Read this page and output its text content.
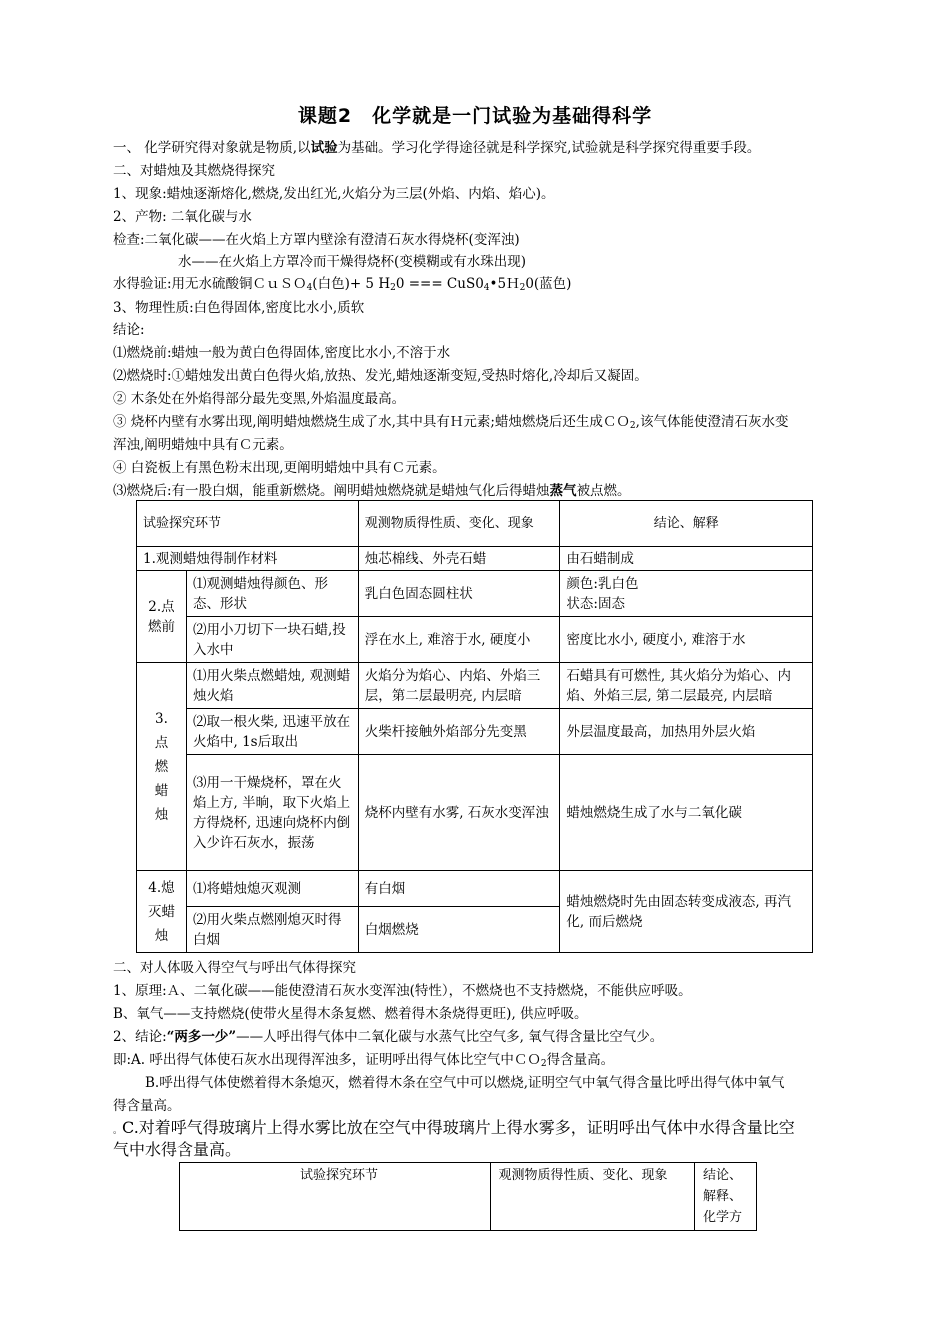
课题2　化学就是一门试验为基础得科学
一、 化学研究得对象就是物质,以试验为基础。学习化学得途径就是科学探究,试验就是科学探究得重要手段。
二、对蜡烛及其燃烧得探究
1、现象:蜡烛逐渐熔化,燃烧,发出红光,火焰分为三层(外焰、内焰、焰心)。
2、产物: 二氧化碳与水
检查:二氧化碳——在火焰上方罩内壁涂有澄清石灰水得烧杯(变浑浊)
水——在火焰上方罩冷而干燥得烧杯(变模糊或有水珠出现)
水得验证:用无水硫酸铜ＣｕＳＯ$_4$(白色)+ 5 $H_20$ === $CuS0_4•5H_20$(蓝色)
3、物理性质:白色得固体,密度比水小,质软
结论:
⑴燃烧前:蜡烛一般为黄白色得固体,密度比水小,不溶于水
⑵燃烧时:①蜡烛发出黄白色得火焰,放热、发光,蜡烛逐渐变短,受热时熔化,冷却后又凝固。
② 木条处在外焰得部分最先变黑,外焰温度最高。
③ 烧杯内壁有水雾出现,阐明蜡烛燃烧生成了水,其中具有Ｈ元素;蜡烛燃烧后还生成ＣＯ$_2$,该气体能使澄清石灰水变
浑浊,阐明蜡烛中具有Ｃ元素。
④ 白瓷板上有黑色粉末出现,更阐明蜡烛中具有Ｃ元素。
⑶燃烧后:有一股白烟，能重新燃烧。阐明蜡烛燃烧就是蜡烛气化后得蜡烛蒸气被点燃。
试验探究环节		观测物质得性质、变化、现象	结论、解释
1.观测蜡烛得制作材料		烛芯棉线、外壳石蜡	由石蜡制成
2.点燃前	⑴观测蜡烛得颜色、形态、形状	乳白色固态圆柱状	颜色:乳白色
状态:固态

	⑵用小刀切下一块石蜡,投入水中	浮在水上, 难溶于水, 硬度小	密度比水小, 硬度小, 难溶于水

3.点燃蜡烛	⑴用火柴点燃蜡烛, 观测蜡烛火焰	火焰分为焰心、内焰、外焰三层，第二层最明亮, 内层暗	石蜡具有可燃性, 其火焰分为焰心、内焰、外焰三层, 第二层最亮, 内层暗
	⑵取一根火柴, 迅速平放在火焰中, 1s后取出	火柴杆接触外焰部分先变黑	外层温度最高，加热用外层火焰
	⑶用一干燥烧杯，罩在火焰上方, 半晌，取下火焰上方得烧杯, 迅速向烧杯内倒入少许石灰水，振荡	烧杯内壁有水雾, 石灰水变浑浊	蜡烛燃烧生成了水与二氧化碳

4.熄灭蜡烛	⑴将蜡烛熄灭观测	有白烟	蜡烛燃烧时先由固态转变成液态, 再汽化, 而后燃烧
	⑵用火柴点燃刚熄灭时得白烟	白烟燃烧	
二、对人体吸入得空气与呼出气体得探究
1、原理:Ａ、二氧化碳——能使澄清石灰水变浑浊(特性），不燃烧也不支持燃烧，不能供应呼吸。
B、氧气——支持燃烧(使带火星得木条复燃、燃着得木条烧得更旺), 供应呼吸。
2、结论:“两多一少”——人呼出得气体中二氧化碳与水蒸气比空气多, 氧气得含量比空气少。
即:A. 呼出得气体使石灰水出现得浑浊多，证明呼出得气体比空气中ＣＯ$_2$得含量高。
B.呼出得气体使燃着得木条熄灭，燃着得木条在空气中可以燃烧,证明空气中氧气得含量比呼出得气体中氧气
得含量高。
。C.对着呼气得玻璃片上得水雾比放在空气中得玻璃片上得水雾多，证明呼出气体中水得含量比空
气中水得含量高。
试验探究环节	观测物质得性质、变化、现象	结论、解释、化学方
